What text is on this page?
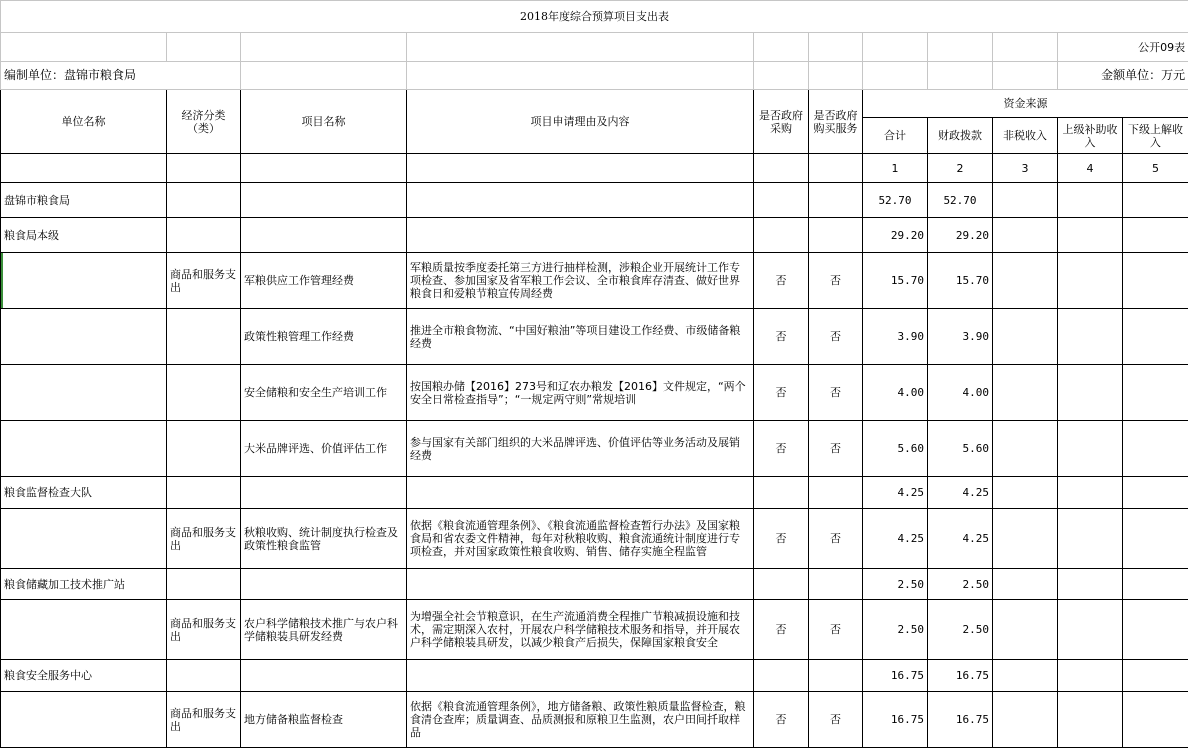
2018年度综合预算项目支出表										
									公开09表	
编制单位：盘锦市粮食局									金额单位：万元	
单位名称	经济分类（类）	项目名称	项目申请理由及内容	是否政府采购	是否政府购买服务	资金来源				
						合计	财政拨款	非税收入	上级补助收入	下级上解收入
						1	2	3	4	5
盘锦市粮食局						52.70	52.70			
粮食局本级						29.20	29.20			
	商品和服务支出	军粮供应工作管理经费	军粮质量按季度委托第三方进行抽样检测，涉粮企业开展统计工作专项检查、参加国家及省军粮工作会议、全市粮食库存清查、做好世界粮食日和爱粮节粮宣传周经费	否	否	15.70	15.70			
		政策性粮管理工作经费	推进全市粮食物流、“中国好粮油”等项目建设工作经费、市级储备粮经费	否	否	3.90	3.90			
		安全储粮和安全生产培训工作	按国粮办储【2016】273号和辽农办粮发【2016】文件规定，“两个安全日常检查指导”；“一规定两守则”常规培训	否	否	4.00	4.00			
		大米品牌评选、价值评估工作	参与国家有关部门组织的大米品牌评选、价值评估等业务活动及展销经费	否	否	5.60	5.60			
粮食监督检查大队						4.25	4.25			
	商品和服务支出	秋粮收购、统计制度执行检查及政策性粮食监管	依据《粮食流通管理条例》、《粮食流通监督检查暂行办法》及国家粮食局和省农委文件精神，每年对秋粮收购、粮食流通统计制度进行专项检查，并对国家政策性粮食收购、销售、储存实施全程监管	否	否	4.25	4.25			
粮食储藏加工技术推广站						2.50	2.50			
	商品和服务支出	农户科学储粮技术推广与农户科学储粮装具研发经费	为增强全社会节粮意识，在生产流通消费全程推广节粮减损设施和技术，需定期深入农村，开展农户科学储粮技术服务和指导，并开展农户科学储粮装具研发，以减少粮食产后损失，保障国家粮食安全	否	否	2.50	2.50			
粮食安全服务中心						16.75	16.75			
	商品和服务支出	地方储备粮监督检查	依据《粮食流通管理条例》，地方储备粮、政策性粮质量监督检查，粮食清仓查库；质量调查、品质测报和原粮卫生监测，农户田间扦取样品	否	否	16.75	16.75			
